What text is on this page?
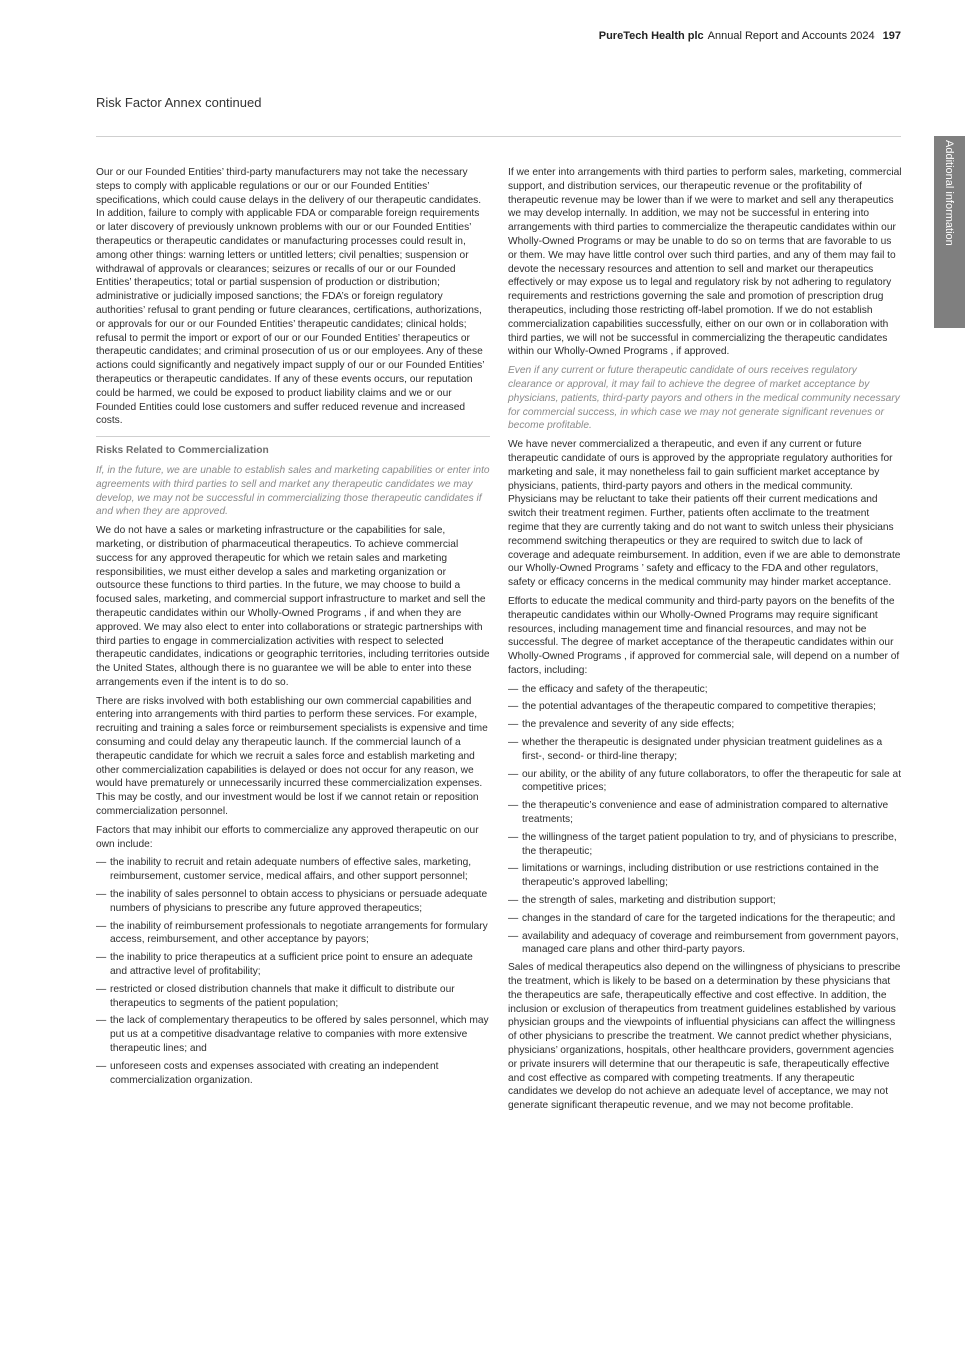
PureTech Health plc Annual Report and Accounts 2024 197
Risk Factor Annex continued
Additional information

Our or our Founded Entities’ third-party manufacturers may not take the necessary steps to comply with applicable regulations or our or our Founded Entities’ specifications, which could cause delays in the delivery of our therapeutic candidates. In addition, failure to comply with applicable FDA or comparable foreign requirements or later discovery of previously unknown problems with our or our Founded Entities’ therapeutics or therapeutic candidates or manufacturing processes could result in, among other things: warning letters or untitled letters; civil penalties; suspension or withdrawal of approvals or clearances; seizures or recalls of our or our Founded Entities’ therapeutics; total or partial suspension of production or distribution; administrative or judicially imposed sanctions; the FDA’s or foreign regulatory authorities’ refusal to grant pending or future clearances, certifications, authorizations, or approvals for our or our Founded Entities’ therapeutic candidates; clinical holds; refusal to permit the import or export of our or our Founded Entities’ therapeutics or therapeutic candidates; and criminal prosecution of us or our employees. Any of these actions could significantly and negatively impact supply of our or our Founded Entities’ therapeutics or therapeutic candidates. If any of these events occurs, our reputation could be harmed, we could be exposed to product liability claims and we or our Founded Entities could lose customers and suffer reduced revenue and increased costs.

Risks Related to Commercialization

If, in the future, we are unable to establish sales and marketing capabilities or enter into agreements with third parties to sell and market any therapeutic candidates we may develop, we may not be successful in commercializing those therapeutic candidates if and when they are approved.

We do not have a sales or marketing infrastructure or the capabilities for sale, marketing, or distribution of pharmaceutical therapeutics. To achieve commercial success for any approved therapeutic for which we retain sales and marketing responsibilities, we must either develop a sales and marketing organization or outsource these functions to third parties. In the future, we may choose to build a focused sales, marketing, and commercial support infrastructure to market and sell the therapeutic candidates within our Wholly-Owned Programs , if and when they are approved. We may also elect to enter into collaborations or strategic partnerships with third parties to engage in commercialization activities with respect to selected therapeutic candidates, indications or geographic territories, including territories outside the United States, although there is no guarantee we will be able to enter into these arrangements even if the intent is to do so.

There are risks involved with both establishing our own commercial capabilities and entering into arrangements with third parties to perform these services. For example, recruiting and training a sales force or reimbursement specialists is expensive and time consuming and could delay any therapeutic launch. If the commercial launch of a therapeutic candidate for which we recruit a sales force and establish marketing and other commercialization capabilities is delayed or does not occur for any reason, we would have prematurely or unnecessarily incurred these commercialization expenses. This may be costly, and our investment would be lost if we cannot retain or reposition commercialization personnel.

Factors that may inhibit our efforts to commercialize any approved therapeutic on our own include:

— the inability to recruit and retain adequate numbers of effective sales, marketing, reimbursement, customer service, medical affairs, and other support personnel;
— the inability of sales personnel to obtain access to physicians or persuade adequate numbers of physicians to prescribe any future approved therapeutics;
— the inability of reimbursement professionals to negotiate arrangements for formulary access, reimbursement, and other acceptance by payors;
— the inability to price therapeutics at a sufficient price point to ensure an adequate and attractive level of profitability;
— restricted or closed distribution channels that make it difficult to distribute our therapeutics to segments of the patient population;
— the lack of complementary therapeutics to be offered by sales personnel, which may put us at a competitive disadvantage relative to companies with more extensive therapeutic lines; and
— unforeseen costs and expenses associated with creating an independent commercialization organization.

If we enter into arrangements with third parties to perform sales, marketing, commercial support, and distribution services, our therapeutic revenue or the profitability of therapeutic revenue may be lower than if we were to market and sell any therapeutics we may develop internally. In addition, we may not be successful in entering into arrangements with third parties to commercialize the therapeutic candidates within our Wholly-Owned Programs or may be unable to do so on terms that are favorable to us or them. We may have little control over such third parties, and any of them may fail to devote the necessary resources and attention to sell and market our therapeutics effectively or may expose us to legal and regulatory risk by not adhering to regulatory requirements and restrictions governing the sale and promotion of prescription drug therapeutics, including those restricting off-label promotion. If we do not establish commercialization capabilities successfully, either on our own or in collaboration with third parties, we will not be successful in commercializing the therapeutic candidates within our Wholly-Owned Programs , if approved.

Even if any current or future therapeutic candidate of ours receives regulatory clearance or approval, it may fail to achieve the degree of market acceptance by physicians, patients, third-party payors and others in the medical community necessary for commercial success, in which case we may not generate significant revenues or become profitable.

We have never commercialized a therapeutic, and even if any current or future therapeutic candidate of ours is approved by the appropriate regulatory authorities for marketing and sale, it may nonetheless fail to gain sufficient market acceptance by physicians, patients, third-party payors and others in the medical community. Physicians may be reluctant to take their patients off their current medications and switch their treatment regimen. Further, patients often acclimate to the treatment regime that they are currently taking and do not want to switch unless their physicians recommend switching therapeutics or they are required to switch due to lack of coverage and adequate reimbursement. In addition, even if we are able to demonstrate our Wholly-Owned Programs ’ safety and efficacy to the FDA and other regulators, safety or efficacy concerns in the medical community may hinder market acceptance.

Efforts to educate the medical community and third-party payors on the benefits of the therapeutic candidates within our Wholly-Owned Programs may require significant resources, including management time and financial resources, and may not be successful. The degree of market acceptance of the therapeutic candidates within our Wholly-Owned Programs , if approved for commercial sale, will depend on a number of factors, including:

— the efficacy and safety of the therapeutic;
— the potential advantages of the therapeutic compared to competitive therapies;
— the prevalence and severity of any side effects;
— whether the therapeutic is designated under physician treatment guidelines as a first-, second- or third-line therapy;
— our ability, or the ability of any future collaborators, to offer the therapeutic for sale at competitive prices;
— the therapeutic’s convenience and ease of administration compared to alternative treatments;
— the willingness of the target patient population to try, and of physicians to prescribe, the therapeutic;
— limitations or warnings, including distribution or use restrictions contained in the therapeutic’s approved labelling;
— the strength of sales, marketing and distribution support;
— changes in the standard of care for the targeted indications for the therapeutic; and
— availability and adequacy of coverage and reimbursement from government payors, managed care plans and other third-party payors.

Sales of medical therapeutics also depend on the willingness of physicians to prescribe the treatment, which is likely to be based on a determination by these physicians that the therapeutics are safe, therapeutically effective and cost effective. In addition, the inclusion or exclusion of therapeutics from treatment guidelines established by various physician groups and the viewpoints of influential physicians can affect the willingness of other physicians to prescribe the treatment. We cannot predict whether physicians, physicians’ organizations, hospitals, other healthcare providers, government agencies or private insurers will determine that our therapeutic is safe, therapeutically effective and cost effective as compared with competing treatments. If any therapeutic candidates we develop do not achieve an adequate level of acceptance, we may not generate significant therapeutic revenue, and we may not become profitable.
